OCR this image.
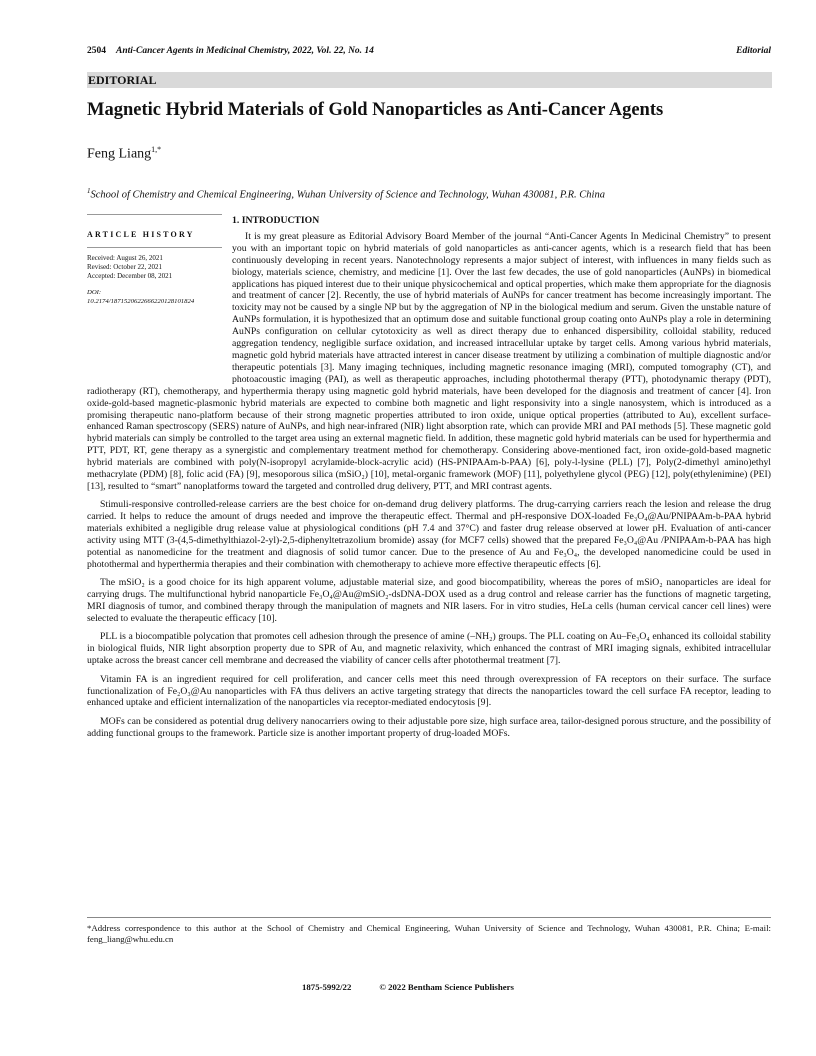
2504 Anti-Cancer Agents in Medicinal Chemistry, 2022, Vol. 22, No. 14	Editorial
EDITORIAL
Magnetic Hybrid Materials of Gold Nanoparticles as Anti-Cancer Agents
Feng Liang$^{1,*}$
$^1$School of Chemistry and Chemical Engineering, Wuhan University of Science and Technology, Wuhan 430081, P.R. China
ARTICLE HISTORY
Received: August 26, 2021
Revised: October 22, 2021
Accepted: December 08, 2021
DOI:
10.2174/1871520622666220128101824
1. INTRODUCTION

It is my great pleasure as Editorial Advisory Board Member of the journal “Anti-Cancer Agents In Medicinal Chemistry” to present you with an important topic on hybrid materials of gold nanoparticles as anti-cancer agents, which is a research field that has been continuously developing in recent years. Nanotechnology represents a major subject of interest, with influences in many fields such as biology, materials science, chemistry, and medicine [1]. Over the last few decades, the use of gold nanoparticles (AuNPs) in biomedical applications has piqued interest due to their unique physicochemical and optical properties, which make them appropriate for the diagnosis and treatment of cancer [2]. Recently, the use of hybrid materials of AuNPs for cancer treatment has become increasingly important. The toxicity may not be caused by a single NP but by the aggregation of NP in the biological medium and serum. Given the unstable nature of AuNPs formulation, it is hypothesized that an optimum dose and suitable functional group coating onto AuNPs play a role in determining AuNPs configuration on cellular cytotoxicity as well as direct therapy due to enhanced dispersibility, colloidal stability, reduced aggregation tendency, negligible surface oxidation, and increased intracellular uptake by target cells. Among various hybrid materials, magnetic gold hybrid materials have attracted interest in cancer disease treatment by utilizing a combination of multiple diagnostic and/or therapeutic potentials [3]. Many imaging techniques, including magnetic resonance imaging (MRI), computed tomography (CT), and photoacoustic imaging (PAI), as well as therapeutic approaches, including photothermal therapy (PTT), photodynamic therapy (PDT), radiotherapy (RT), chemotherapy, and hyperthermia therapy using magnetic gold hybrid materials, have been developed for the diagnosis and treatment of cancer [4]. Iron oxide-gold-based magnetic-plasmonic hybrid materials are expected to combine both magnetic and light responsivity into a single nanosystem, which is introduced as a promising therapeutic nano-platform because of their strong magnetic properties attributed to iron oxide, unique optical properties (attributed to Au), excellent surface-enhanced Raman spectroscopy (SERS) nature of AuNPs, and high near-infrared (NIR) light absorption rate, which can provide MRI and PAI methods [5]. These magnetic gold hybrid materials can simply be controlled to the target area using an external magnetic field. In addition, these magnetic gold hybrid materials can be used for hyperthermia and PTT, PDT, RT, gene therapy as a synergistic and complementary treatment method for chemotherapy. Considering above-mentioned fact, iron oxide-gold-based magnetic hybrid materials are combined with poly(N-isopropyl acrylamide-block-acrylic acid) (HS-PNIPAAm-b-PAA) [6], poly-l-lysine (PLL) [7], Poly(2-dimethyl amino)ethyl methacrylate (PDM) [8], folic acid (FA) [9], mesoporous silica (mSiO₂) [10], metal-organic framework (MOF) [11], polyethylene glycol (PEG) [12], poly(ethylenimine) (PEI) [13], resulted to “smart” nanoplatforms toward the targeted and controlled drug delivery, PTT, and MRI contrast agents.

Stimuli-responsive controlled-release carriers are the best choice for on-demand drug delivery platforms. The drug-carrying carriers reach the lesion and release the drug carried. It helps to reduce the amount of drugs needed and improve the therapeutic effect. Thermal and pH-responsive DOX-loaded Fe₃O₄@Au/PNIPAAm-b-PAA hybrid materials exhibited a negligible drug release value at physiological conditions (pH 7.4 and 37°C) and faster drug release observed at lower pH. Evaluation of anti-cancer activity using MTT (3-(4,5-dimethylthiazol-2-yl)-2,5-diphenyltetrazolium bromide) assay (for MCF7 cells) showed that the prepared Fe₃O₄@Au /PNIPAAm-b-PAA has high potential as nanomedicine for the treatment and diagnosis of solid tumor cancer. Due to the presence of Au and Fe₃O₄, the developed nanomedicine could be used in photothermal and hyperthermia therapies and their combination with chemotherapy to achieve more effective therapeutic effects [6].

The mSiO₂ is a good choice for its high apparent volume, adjustable material size, and good biocompatibility, whereas the pores of mSiO₂ nanoparticles are ideal for carrying drugs. The multifunctional hybrid nanoparticle Fe₃O₄@Au@mSiO₂-dsDNA-DOX used as a drug control and release carrier has the functions of magnetic targeting, MRI diagnosis of tumor, and combined therapy through the manipulation of magnets and NIR lasers. For in vitro studies, HeLa cells (human cervical cancer cell lines) were selected to evaluate the therapeutic efficacy [10].

PLL is a biocompatible polycation that promotes cell adhesion through the presence of amine (–NH₂) groups. The PLL coating on Au–Fe₃O₄ enhanced its colloidal stability in biological fluids, NIR light absorption property due to SPR of Au, and magnetic relaxivity, which enhanced the contrast of MRI imaging signals, exhibited intracellular uptake across the breast cancer cell membrane and decreased the viability of cancer cells after photothermal treatment [7].

Vitamin FA is an ingredient required for cell proliferation, and cancer cells meet this need through overexpression of FA receptors on their surface. The surface functionalization of Fe₂O₃@Au nanoparticles with FA thus delivers an active targeting strategy that directs the nanoparticles toward the cell surface FA receptor, leading to enhanced uptake and efficient internalization of the nanoparticles via receptor-mediated endocytosis [9].

MOFs can be considered as potential drug delivery nanocarriers owing to their adjustable pore size, high surface area, tailor-designed porous structure, and the possibility of adding functional groups to the framework. Particle size is another important property of drug-loaded MOFs.

*Address correspondence to this author at the School of Chemistry and Chemical Engineering, Wuhan University of Science and Technology, Wuhan 430081, P.R. China; E-mail: feng_liang@whu.edu.cn
1875-5992/22	© 2022 Bentham Science Publishers
